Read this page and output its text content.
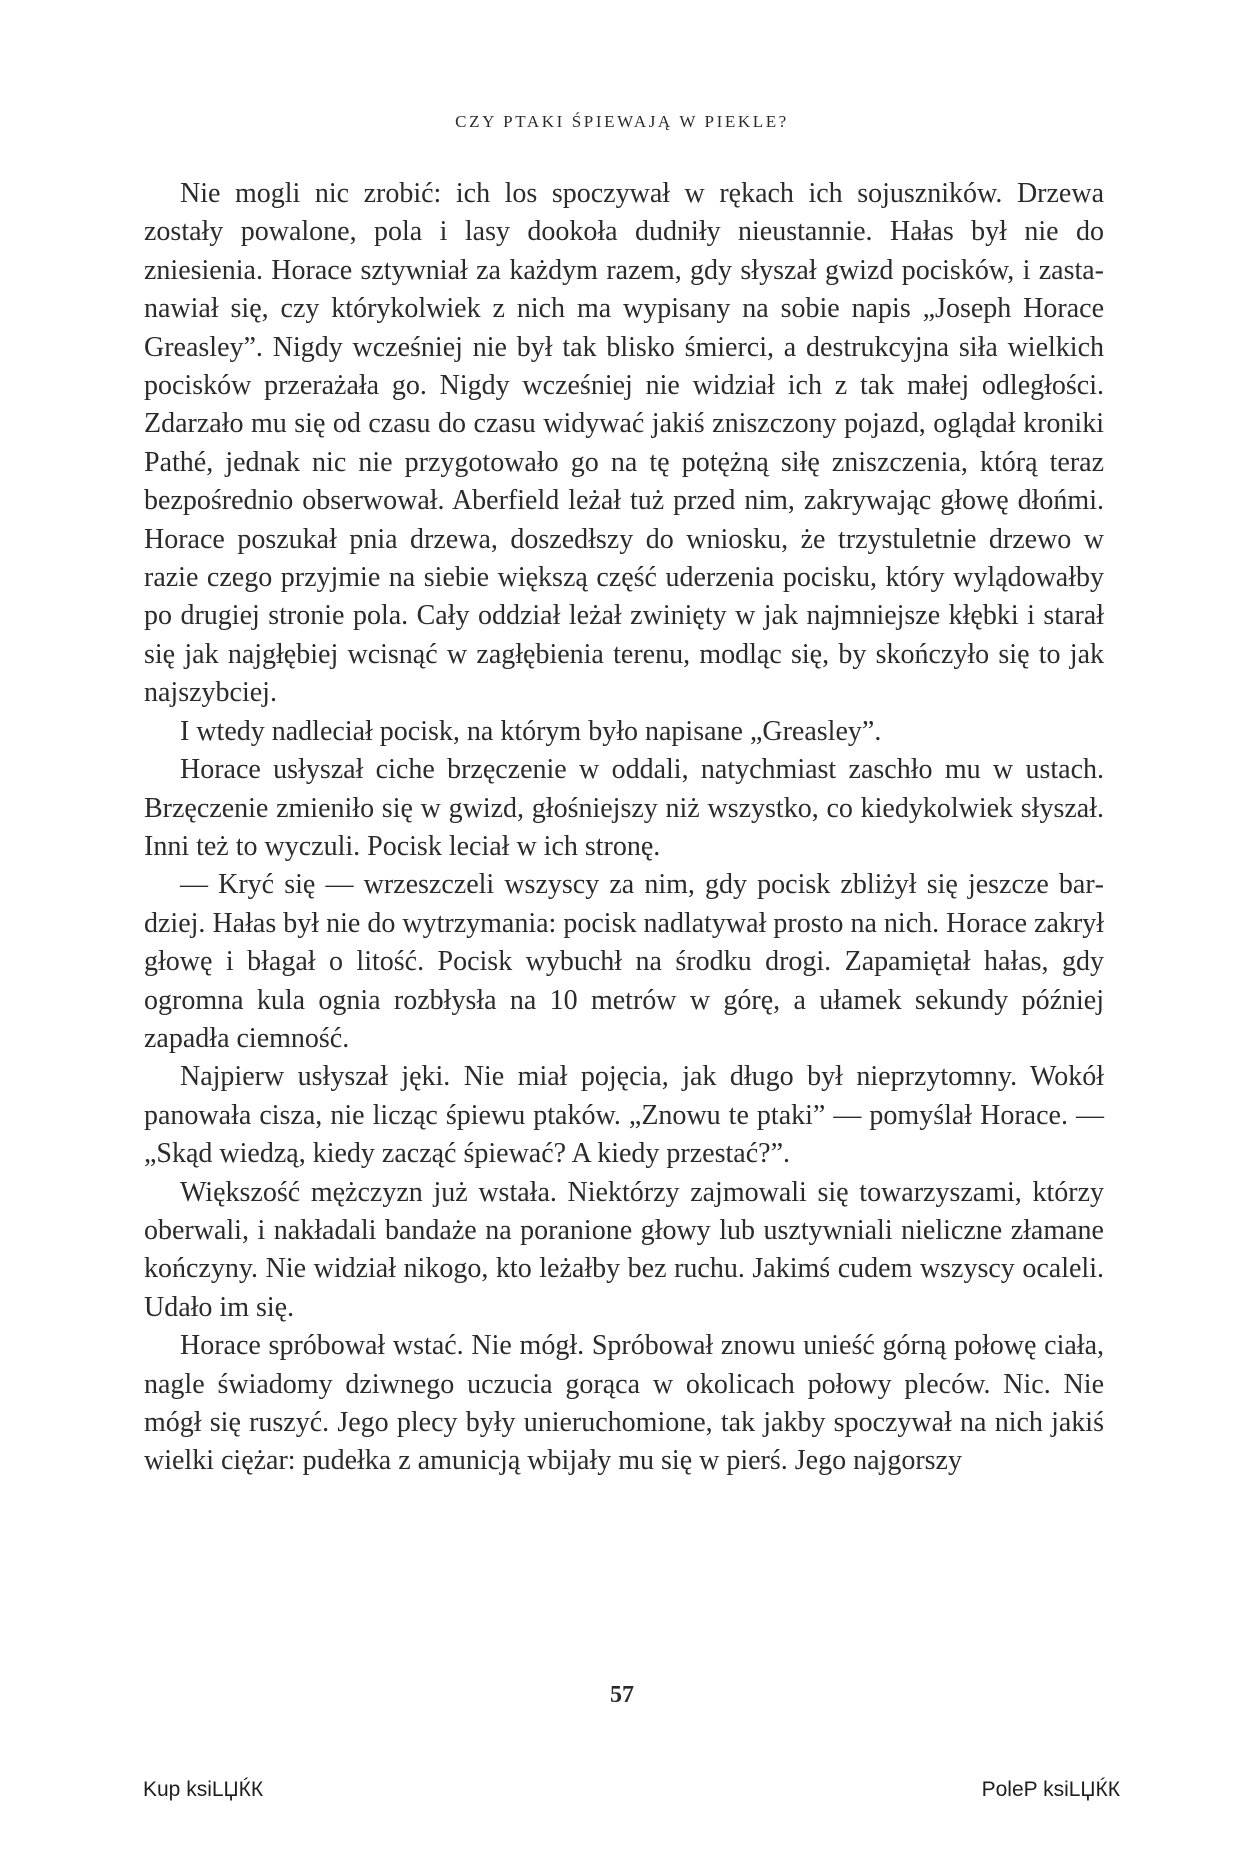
CZY PTAKI ŚPIEWAJĄ W PIEKLE?

Nie mogli nic zrobić: ich los spoczywał w rękach ich sojuszników. Drzewa zostały powalone, pola i lasy dookoła dudniły nieustannie. Hałas był nie do zniesienia. Horace sztywniał za każdym razem, gdy słyszał gwizd pocisków, i zastanawiał się, czy którykolwiek z nich ma wypisany na sobie napis „Joseph Horace Greasley”. Nigdy wcześniej nie był tak blisko śmierci, a destrukcyjna siła wielkich pocisków przerażała go. Nigdy wcześniej nie widział ich z tak małej odległości. Zdarzało mu się od czasu do czasu widywać jakiś zniszczony pojazd, oglądał kroniki Pathé, jednak nic nie przygotowało go na tę potężną siłę zniszczenia, którą teraz bezpośrednio obserwował. Aberfield leżał tuż przed nim, zakrywając głowę dłońmi. Horace poszukał pnia drzewa, doszedłszy do wniosku, że trzystuletnie drzewo w razie czego przyjmie na siebie większą część uderzenia pocisku, który wylądowałby po drugiej stronie pola. Cały oddział leżał zwinięty w jak najmniejsze kłębki i starał się jak najgłębiej wcisnąć w zagłębienia terenu, modląc się, by skończyło się to jak najszybciej.

I wtedy nadleciał pocisk, na którym było napisane „Greasley”.

Horace usłyszał ciche brzęczenie w oddali, natychmiast zaschło mu w ustach. Brzęczenie zmieniło się w gwizd, głośniejszy niż wszystko, co kiedykolwiek słyszał. Inni też to wyczuli. Pocisk leciał w ich stronę.

— Kryć się — wrzeszczeli wszyscy za nim, gdy pocisk zbliżył się jeszcze bardziej. Hałas był nie do wytrzymania: pocisk nadlatywał prosto na nich. Horace zakrył głowę i błagał o litość. Pocisk wybuchł na środku drogi. Zapamiętał hałas, gdy ogromna kula ognia rozbłysła na 10 metrów w górę, a ułamek sekundy później zapadła ciemność.

Najpierw usłyszał jęki. Nie miał pojęcia, jak długo był nieprzytomny. Wokół panowała cisza, nie licząc śpiewu ptaków. „Znowu te ptaki” — pomyślał Horace. — „Skąd wiedzą, kiedy zacząć śpiewać? A kiedy przestać?”.

Większość mężczyzn już wstała. Niektórzy zajmowali się towarzyszami, którzy oberwali, i nakładali bandaże na poranione głowy lub usztywniali nieliczne złamane kończyny. Nie widział nikogo, kto leżałby bez ruchu. Jakimś cudem wszyscy ocaleli. Udało im się.

Horace spróbował wstać. Nie mógł. Spróbował znowu unieść górną połowę ciała, nagle świadomy dziwnego uczucia gorąca w okolicach połowy pleców. Nic. Nie mógł się ruszyć. Jego plecy były unieruchomione, tak jakby spoczywał na nich jakiś wielki ciężar: pudełka z amunicją wbijały mu się w pierś. Jego najgorszy

57
Kup ksiLЏЌК	PoleP ksiLЏЌК
